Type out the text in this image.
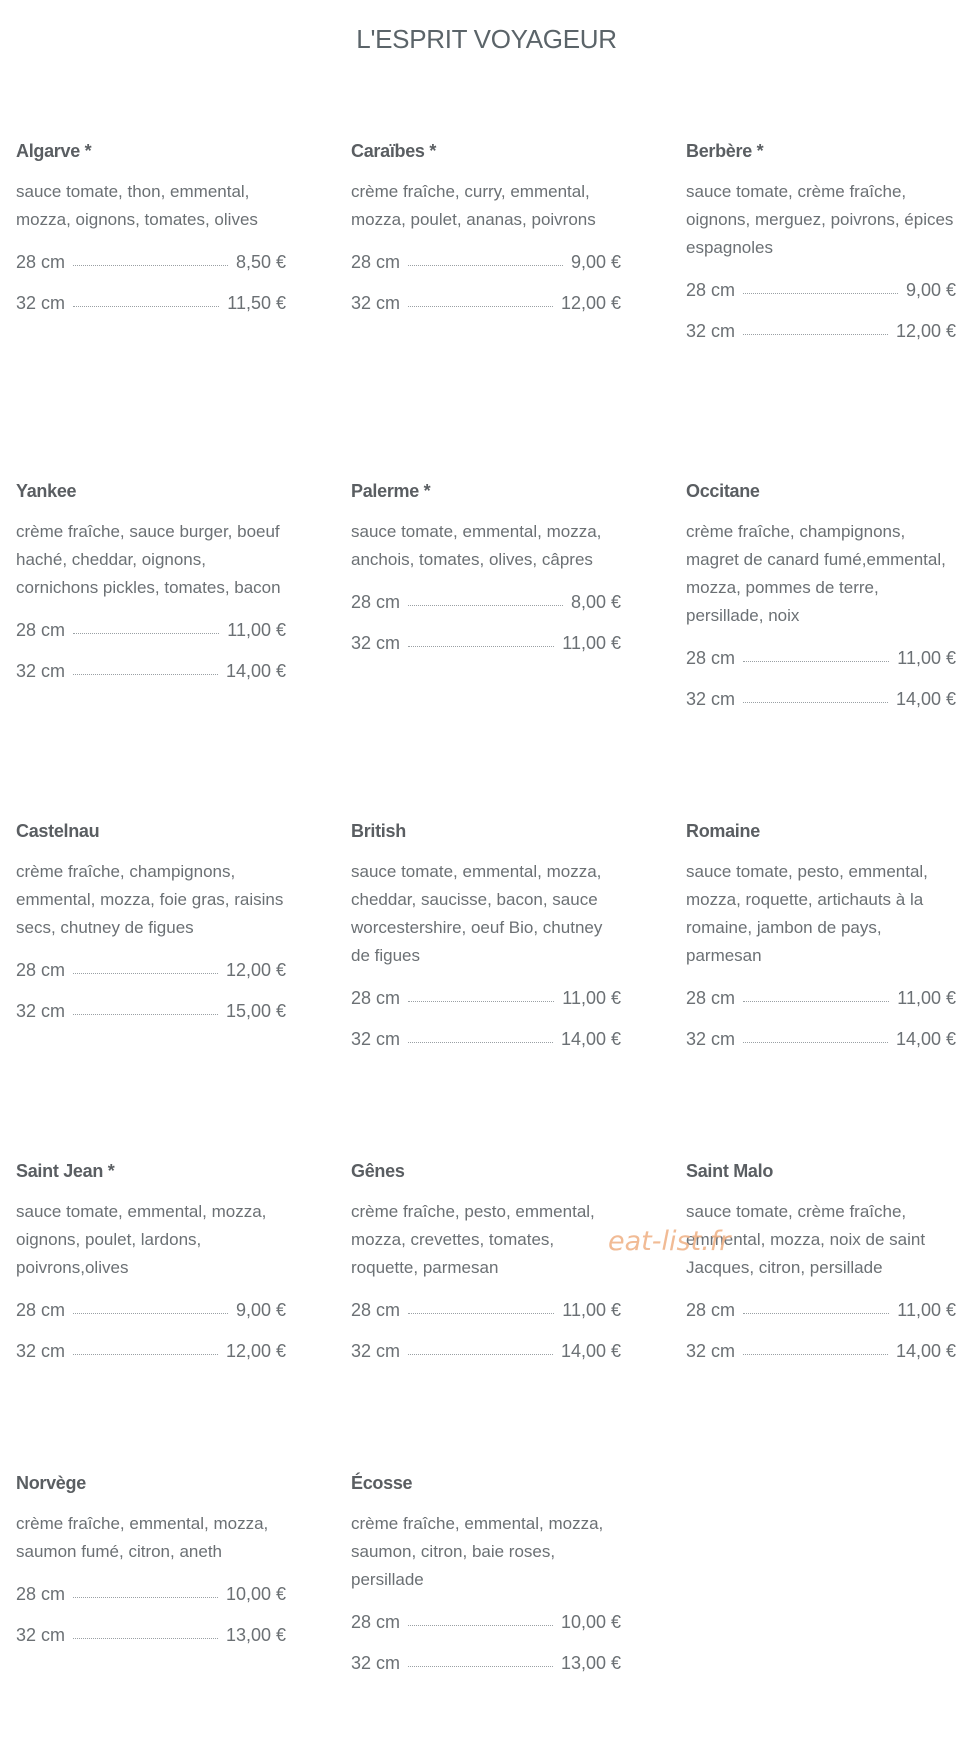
L'ESPRIT VOYAGEUR
Algarve *
sauce tomate, thon, emmental, mozza, oignons, tomates, olives
28 cm	8,50 €
32 cm	11,50 €
Caraïbes *
crème fraîche, curry, emmental, mozza, poulet, ananas, poivrons
28 cm	9,00 €
32 cm	12,00 €
Berbère *
sauce tomate, crème fraîche, oignons, merguez, poivrons, épices espagnoles
28 cm	9,00 €
32 cm	12,00 €
Yankee
crème fraîche, sauce burger, boeuf haché, cheddar, oignons, cornichons pickles, tomates, bacon
28 cm	11,00 €
32 cm	14,00 €
Palerme *
sauce tomate, emmental, mozza, anchois, tomates, olives, câpres
28 cm	8,00 €
32 cm	11,00 €
Occitane
crème fraîche, champignons, magret de canard fumé,emmental, mozza, pommes de terre, persillade, noix
28 cm	11,00 €
32 cm	14,00 €
Castelnau
crème fraîche, champignons, emmental, mozza, foie gras, raisins secs, chutney de figues
28 cm	12,00 €
32 cm	15,00 €
British
sauce tomate, emmental, mozza, cheddar, saucisse, bacon, sauce worcestershire, oeuf Bio, chutney de figues
28 cm	11,00 €
32 cm	14,00 €
Romaine
sauce tomate, pesto, emmental, mozza, roquette, artichauts à la romaine, jambon de pays, parmesan
28 cm	11,00 €
32 cm	14,00 €
Saint Jean *
sauce tomate, emmental, mozza, oignons, poulet, lardons, poivrons,olives
28 cm	9,00 €
32 cm	12,00 €
Gênes
crème fraîche, pesto, emmental, mozza, crevettes, tomates, roquette, parmesan
28 cm	11,00 €
32 cm	14,00 €
Saint Malo
sauce tomate, crème fraîche, emmental, mozza, noix de saint Jacques, citron, persillade
28 cm	11,00 €
32 cm	14,00 €
Norvège
crème fraîche, emmental, mozza, saumon fumé, citron, aneth
28 cm	10,00 €
32 cm	13,00 €
Écosse
crème fraîche, emmental, mozza, saumon, citron, baie roses, persillade
28 cm	10,00 €
32 cm	13,00 €
eat-list.fr
